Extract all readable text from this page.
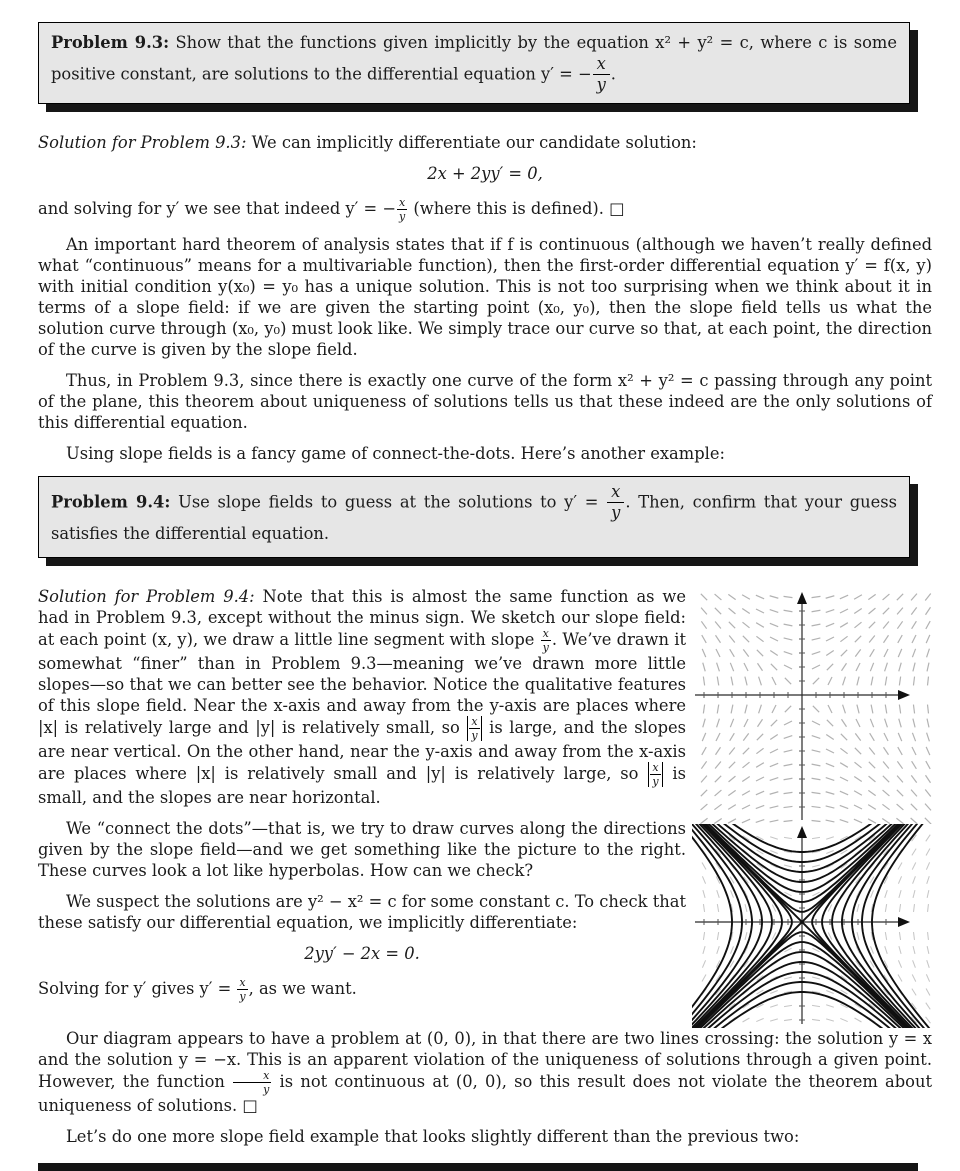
Problem 9.3: Show that the functions given implicitly by the equation x² + y² = c, where c is some positive constant, are solutions to the differential equation y′ = − $\frac{x}{y}$ .

Solution for Problem 9.3: We can implicitly differentiate our candidate solution:

2x + 2yy′ = 0,

and solving for y′ we see that indeed y′ = − $\frac{x}{y}$ (where this is defined). □

An important hard theorem of analysis states that if f is continuous (although we haven’t really defined what “continuous” means for a multivariable function), then the first-order differential equation y′ = f(x, y) with initial condition y(x₀) = y₀ has a unique solution. This is not too surprising when we think about it in terms of a slope field: if we are given the starting point (x₀, y₀), then the slope field tells us what the solution curve through (x₀, y₀) must look like. We simply trace our curve so that, at each point, the direction of the curve is given by the slope field.

Thus, in Problem 9.3, since there is exactly one curve of the form x² + y² = c passing through any point of the plane, this theorem about uniqueness of solutions tells us that these indeed are the only solutions of this differential equation.

Using slope fields is a fancy game of connect-the-dots. Here’s another example:

Problem 9.4: Use slope fields to guess at the solutions to $y' = \frac{x}{y}$ . Then, confirm that your guess satisfies the differential equation.

Solution for Problem 9.4: Note that this is almost the same function as we had in Problem 9.3, except without the minus sign. We sketch our slope field: at each point (x, y), we draw a little line segment with slope $\frac{x}{y}$ . We’ve drawn it somewhat “finer” than in Problem 9.3—meaning we’ve drawn more little slopes—so that we can better see the behavior. Notice the qualitative features of this slope field. Near the x-axis and away from the y-axis are places where |x| is relatively large and |y| is relatively small, so $\frac{x}{y}$ is large, and the slopes are near vertical. On the other hand, near the y-axis and away from the x-axis are places where |x| is relatively small and |y| is relatively large, so $\frac{x}{y}$ is small, and the slopes are near horizontal.

We “connect the dots”—that is, we try to draw curves along the directions given by the slope field—and we get something like the picture to the right. These curves look a lot like hyperbolas. How can we check?

We suspect the solutions are y² − x² = c for some constant c. To check that these satisfy our differential equation, we implicitly differentiate:

2yy′ − 2x = 0.

Solving for y′ gives $y' = \frac{x}{y}$ , as we want.

Our diagram appears to have a problem at (0, 0), in that there are two lines crossing: the solution y = x and the solution y = −x. This is an apparent violation of the uniqueness of solutions through a given point. However, the function $\frac{x}{y}$ is not continuous at (0, 0), so this result does not violate the theorem about uniqueness of solutions. □

Let’s do one more slope field example that looks slightly different than the previous two:
